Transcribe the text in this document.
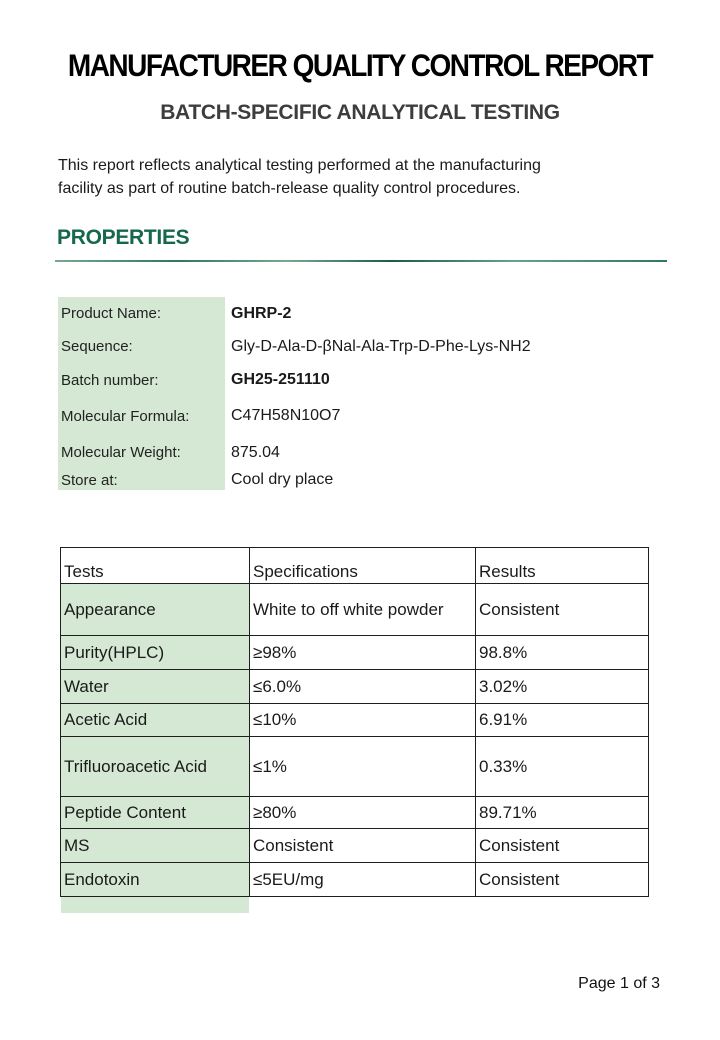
MANUFACTURER QUALITY CONTROL REPORT
BATCH-SPECIFIC ANALYTICAL TESTING
This report reflects analytical testing performed at the manufacturing
facility as part of routine batch-release quality control procedures.
PROPERTIES
Product Name:	GHRP-2
Sequence:	Gly-D-Ala-D-βNal-Ala-Trp-D-Phe-Lys-NH2
Batch number:	GH25-251110
Molecular Formula:	C47H58N10O7
Molecular Weight:	875.04
Store at:	Cool dry place
Tests	Specifications	Results
Appearance	White to off white powder	Consistent
Purity(HPLC)	≥98%	98.8%
Water	≤6.0%	3.02%
Acetic Acid	≤10%	6.91%
Trifluoroacetic Acid	≤1%	0.33%
Peptide Content	≥80%	89.71%
MS	Consistent	Consistent
Endotoxin	≤5EU/mg	Consistent
Page 1 of 3
